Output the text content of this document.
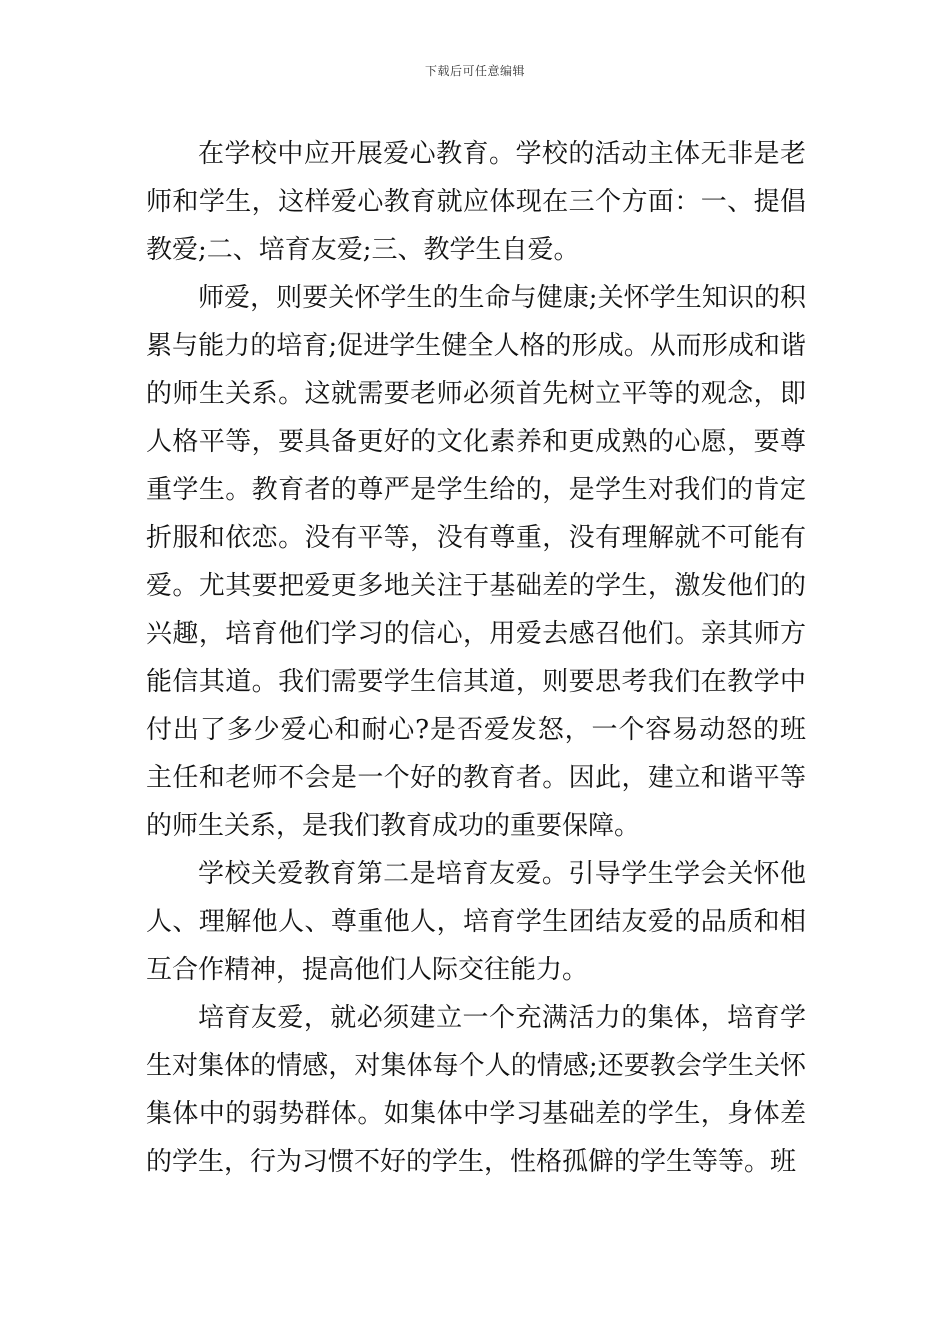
下载后可任意编辑

在学校中应开展爱心教育。学校的活动主体无非是老师和学生，这样爱心教育就应体现在三个方面：一、提倡教爱;二、培育友爱;三、教学生自爱。

师爱，则要关怀学生的生命与健康;关怀学生知识的积累与能力的培育;促进学生健全人格的形成。从而形成和谐的师生关系。这就需要老师必须首先树立平等的观念，即人格平等，要具备更好的文化素养和更成熟的心愿，要尊重学生。教育者的尊严是学生给的，是学生对我们的肯定折服和依恋。没有平等，没有尊重，没有理解就不可能有爱。尤其要把爱更多地关注于基础差的学生，激发他们的兴趣，培育他们学习的信心，用爱去感召他们。亲其师方能信其道。我们需要学生信其道，则要思考我们在教学中付出了多少爱心和耐心?是否爱发怒，一个容易动怒的班主任和老师不会是一个好的教育者。因此，建立和谐平等的师生关系，是我们教育成功的重要保障。

学校关爱教育第二是培育友爱。引导学生学会关怀他人、理解他人、尊重他人，培育学生团结友爱的品质和相互合作精神，提高他们人际交往能力。

培育友爱，就必须建立一个充满活力的集体，培育学生对集体的情感，对集体每个人的情感;还要教会学生关怀集体中的弱势群体。如集体中学习基础差的学生，身体差的学生，行为习惯不好的学生，性格孤僻的学生等等。班
